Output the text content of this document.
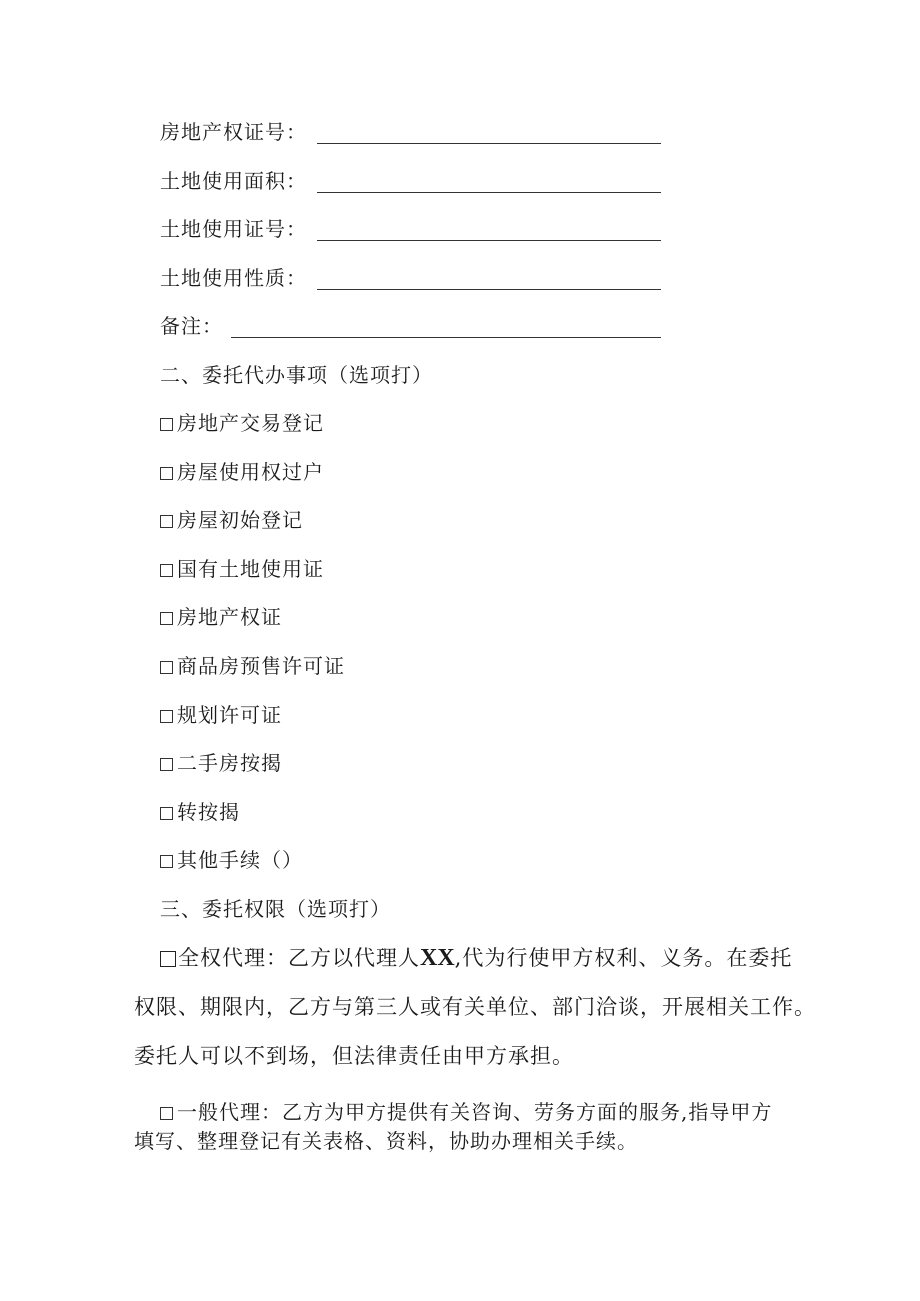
房地产权证号：
土地使用面积：
土地使用证号：
土地使用性质：
备注：
二、委托代办事项（选项打）
房地产交易登记
房屋使用权过户
房屋初始登记
国有土地使用证
房地产权证
商品房预售许可证
规划许可证
二手房按揭
转按揭
其他手续（）
三、委托权限（选项打）
全权代理：乙方以代理人XX,代为行使甲方权利、义务。在委托
权限、期限内，乙方与第三人或有关单位、部门洽谈，开展相关工作。
委托人可以不到场，但法律责任由甲方承担。
一般代理：乙方为甲方提供有关咨询、劳务方面的服务,指导甲方
填写、整理登记有关表格、资料，协助办理相关手续。
